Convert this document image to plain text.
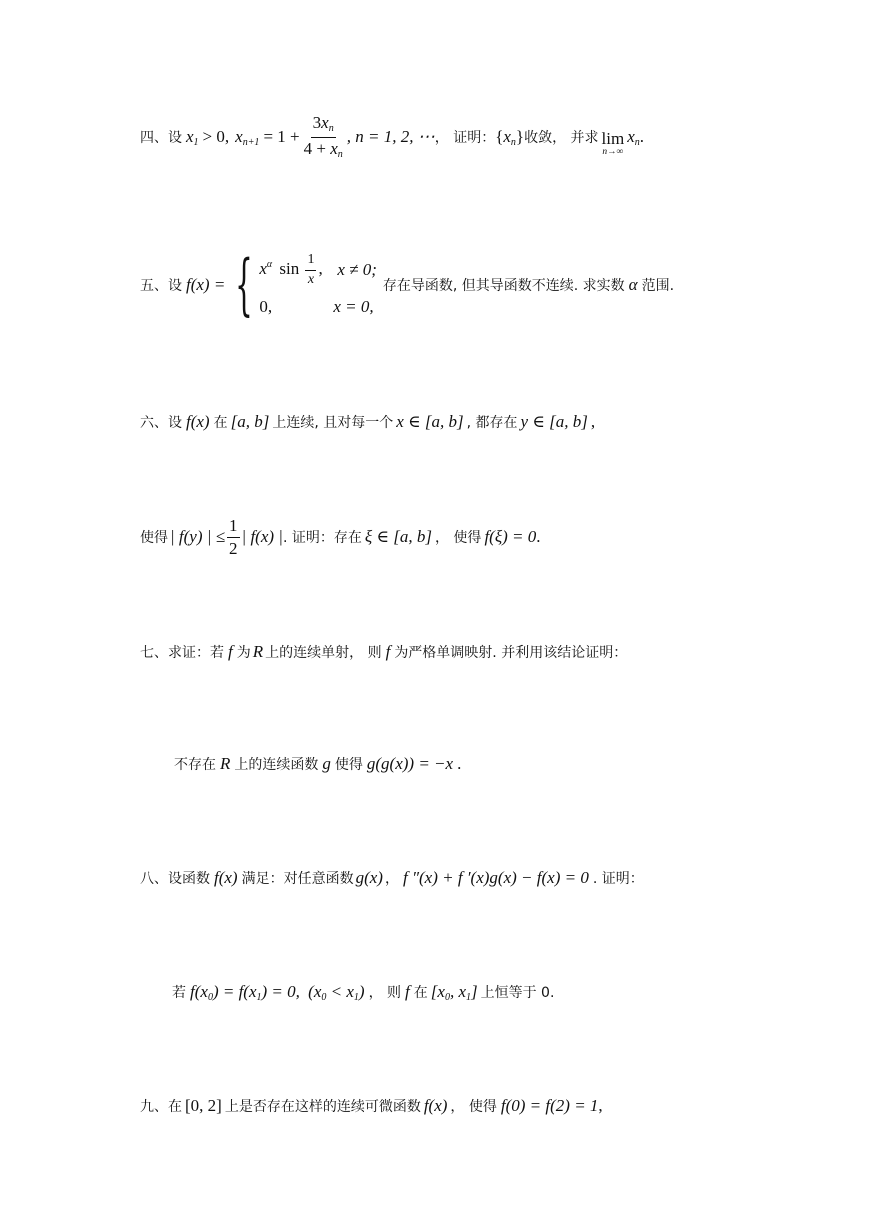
四、设 $x_1 > 0$, $x_{n+1} = 1 + \frac{3x_n}{4 + x_n}$ , n = 1, 2, ⋯ ， 证明： $\{x_n\}$ 收敛， 并求 lim
n→∞
$x_n$ .
五、设 f(x) = { $x^\alpha$ $\sin \frac{1}{x}$ , x ≠ 0;
0,	x = 0,
存在导函数, 但其导函数不连续. 求实数 α 范围.
六、设 f(x) 在 [a, b] 上连续, 且对每一个 x ∈ [a, b] , 都存在 y ∈ [a, b] ,
使得 | f(y) | ≤ $\frac{1}{2}$ | f(x) | . 证明：存在 ξ ∈ [a, b] ， 使得 f(ξ) = 0 .
七、求证：若 f 为 R 上的连续单射， 则 f 为严格单调映射. 并利用该结论证明：
不存在 R 上的连续函数 g 使得 g(g(x)) = −x .
八、设函数 f(x) 满足：对任意函数 g(x) ， f ″(x) + f ′(x)g(x) − f(x) = 0 . 证明：
若 $f(x_0) = f(x_1) = 0$, $(x_0 < x_1)$ ， 则 f 在 [$x_0$, $x_1$] 上恒等于 0.
九、在 [0, 2] 上是否存在这样的连续可微函数 f(x) ， 使得 f(0) = f(2) = 1 ,
